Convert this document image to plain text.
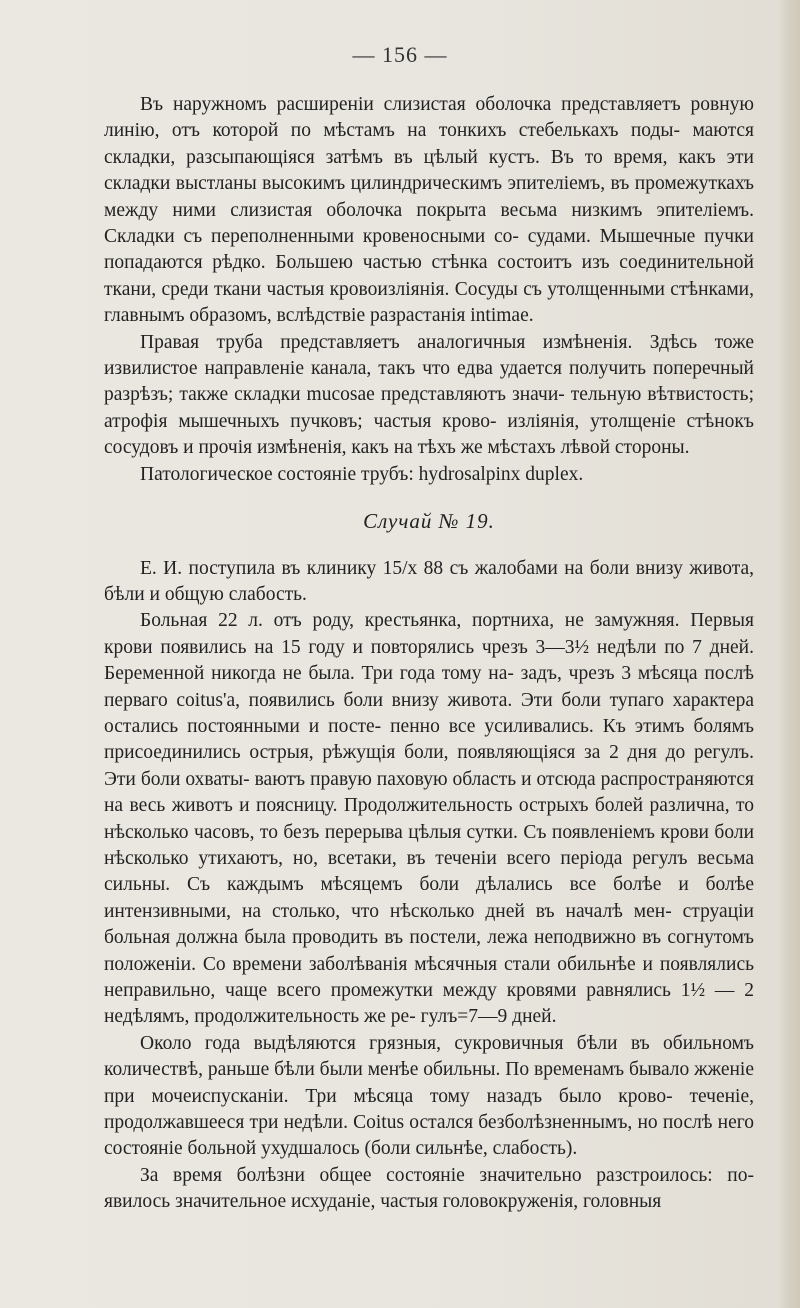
— 156 —

Въ наружномъ расширеніи слизистая оболочка представляетъ ровную линію, отъ которой по мѣстамъ на тонкихъ стебелькахъ поды- маются складки, разсыпающіяся затѣмъ въ цѣлый кустъ. Въ то время, какъ эти складки выстланы высокимъ цилиндрическимъ эпителіемъ, въ промежуткахъ между ними слизистая оболочка покрыта весьма низкимъ эпителіемъ. Складки съ переполненными кровеносными со- судами. Мышечные пучки попадаются рѣдко. Большею частью стѣнка состоитъ изъ соединительной ткани, среди ткани частыя кровоизліянія. Сосуды съ утолщенными стѣнками, главнымъ образомъ, вслѣдствіе разрастанія intimae.

Правая труба представляетъ аналогичныя измѣненія. Здѣсь тоже извилистое направленіе канала, такъ что едва удается получить поперечный разрѣзъ; также складки mucosae представляютъ значи- тельную вѣтвистость; атрофія мышечныхъ пучковъ; частыя крово- изліянія, утолщеніе стѣнокъ сосудовъ и прочія измѣненія, какъ на тѣхъ же мѣстахъ лѣвой стороны.

Патологическое состояніе трубъ: hydrosalpinx duplex.

Случай № 19.

Е. И. поступила въ клинику 15/х 88 съ жалобами на боли внизу живота, бѣли и общую слабость.

Больная 22 л. отъ роду, крестьянка, портниха, не замужняя. Первыя крови появились на 15 году и повторялись чрезъ 3—3½ недѣли по 7 дней. Беременной никогда не была. Три года тому на- задъ, чрезъ 3 мѣсяца послѣ перваго coitus'a, появились боли внизу живота. Эти боли тупаго характера остались постоянными и посте- пенно все усиливались. Къ этимъ болямъ присоединились острыя, рѣжущія боли, появляющіяся за 2 дня до регулъ. Эти боли охваты- ваютъ правую паховую область и отсюда распространяются на весь животъ и поясницу. Продолжительность острыхъ болей различна, то нѣсколько часовъ, то безъ перерыва цѣлыя сутки. Съ появленіемъ крови боли нѣсколько утихаютъ, но, всетаки, въ теченіи всего періода регулъ весьма сильны. Съ каждымъ мѣсяцемъ боли дѣлались все болѣе и болѣе интензивными, на столько, что нѣсколько дней въ началѣ мен- струаціи больная должна была проводить въ постели, лежа неподвижно въ согнутомъ положеніи. Со времени заболѣванія мѣсячныя стали обильнѣе и появлялись неправильно, чаще всего промежутки между кровями равнялись 1½ — 2 недѣлямъ, продолжительность же ре- гулъ=7—9 дней.

Около года выдѣляются грязныя, сукровичныя бѣли въ обильномъ количествѣ, раньше бѣли были менѣе обильны. По временамъ бывало жженіе при мочеиспусканіи. Три мѣсяца тому назадъ было крово- теченіе, продолжавшееся три недѣли. Coitus остался безболѣзненнымъ, но послѣ него состояніе больной ухудшалось (боли сильнѣе, слабость).

За время болѣзни общее состояніе значительно разстроилось: по- явилось значительное исхуданіе, частыя головокруженія, головныя
